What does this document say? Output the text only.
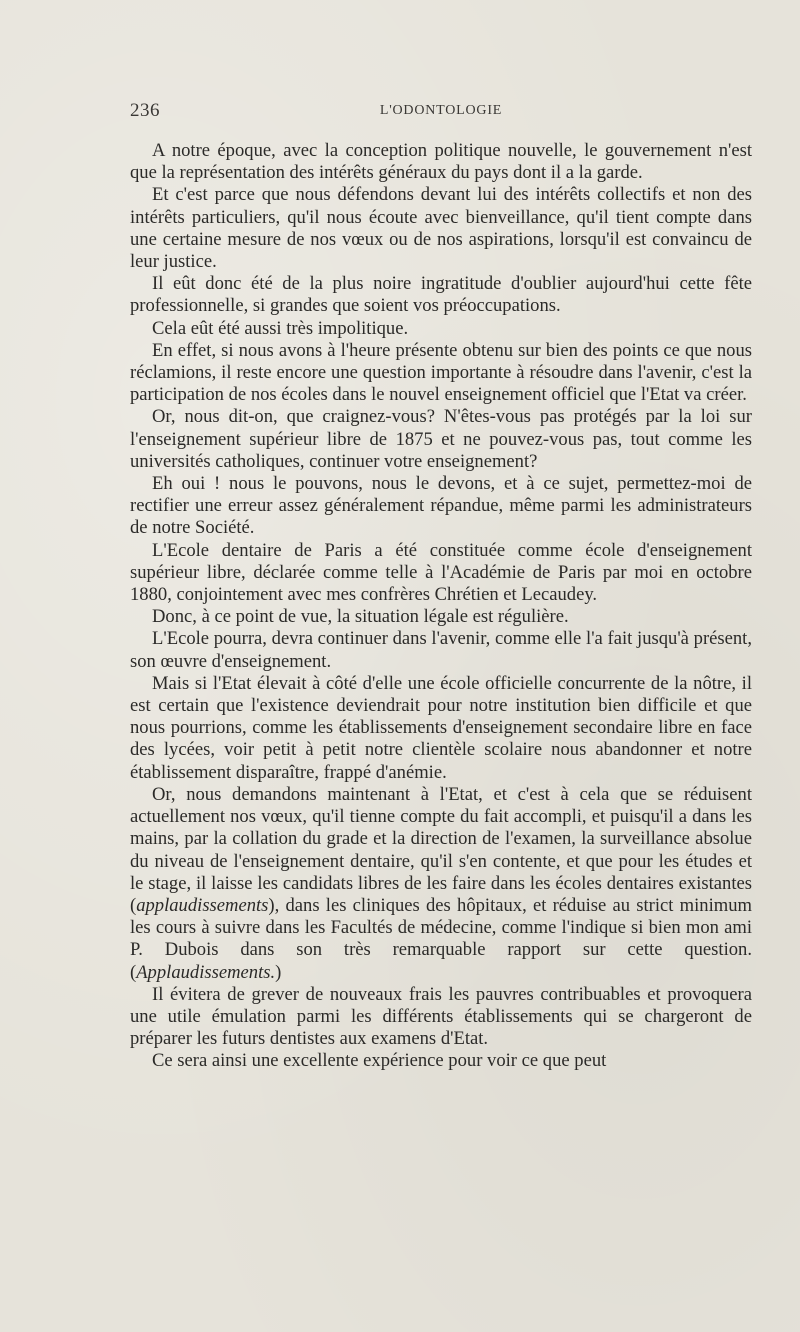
236	L'ODONTOLOGIE

A notre époque, avec la conception politique nouvelle, le gouvernement n'est que la représentation des intérêts généraux du pays dont il a la garde.

Et c'est parce que nous défendons devant lui des intérêts collectifs et non des intérêts particuliers, qu'il nous écoute avec bienveillance, qu'il tient compte dans une certaine mesure de nos vœux ou de nos aspirations, lorsqu'il est convaincu de leur justice.

Il eût donc été de la plus noire ingratitude d'oublier aujourd'hui cette fête professionnelle, si grandes que soient vos préoccupations.

Cela eût été aussi très impolitique.

En effet, si nous avons à l'heure présente obtenu sur bien des points ce que nous réclamions, il reste encore une question importante à résoudre dans l'avenir, c'est la participation de nos écoles dans le nouvel enseignement officiel que l'Etat va créer.

Or, nous dit-on, que craignez-vous? N'êtes-vous pas protégés par la loi sur l'enseignement supérieur libre de 1875 et ne pouvez-vous pas, tout comme les universités catholiques, continuer votre enseignement?

Eh oui ! nous le pouvons, nous le devons, et à ce sujet, permettez-moi de rectifier une erreur assez généralement répandue, même parmi les administrateurs de notre Société.

L'Ecole dentaire de Paris a été constituée comme école d'enseignement supérieur libre, déclarée comme telle à l'Académie de Paris par moi en octobre 1880, conjointement avec mes confrères Chrétien et Lecaudey.

Donc, à ce point de vue, la situation légale est régulière.

L'Ecole pourra, devra continuer dans l'avenir, comme elle l'a fait jusqu'à présent, son œuvre d'enseignement.

Mais si l'Etat élevait à côté d'elle une école officielle concurrente de la nôtre, il est certain que l'existence deviendrait pour notre institution bien difficile et que nous pourrions, comme les établissements d'enseignement secondaire libre en face des lycées, voir petit à petit notre clientèle scolaire nous abandonner et notre établissement disparaître, frappé d'anémie.

Or, nous demandons maintenant à l'Etat, et c'est à cela que se réduisent actuellement nos vœux, qu'il tienne compte du fait accompli, et puisqu'il a dans les mains, par la collation du grade et la direction de l'examen, la surveillance absolue du niveau de l'enseignement dentaire, qu'il s'en contente, et que pour les études et le stage, il laisse les candidats libres de les faire dans les écoles dentaires existantes (applaudissements), dans les cliniques des hôpitaux, et réduise au strict minimum les cours à suivre dans les Facultés de médecine, comme l'indique si bien mon ami P. Dubois dans son très remarquable rapport sur cette question. (Applaudissements.)

Il évitera de grever de nouveaux frais les pauvres contribuables et provoquera une utile émulation parmi les différents établissements qui se chargeront de préparer les futurs dentistes aux examens d'Etat.

Ce sera ainsi une excellente expérience pour voir ce que peut
